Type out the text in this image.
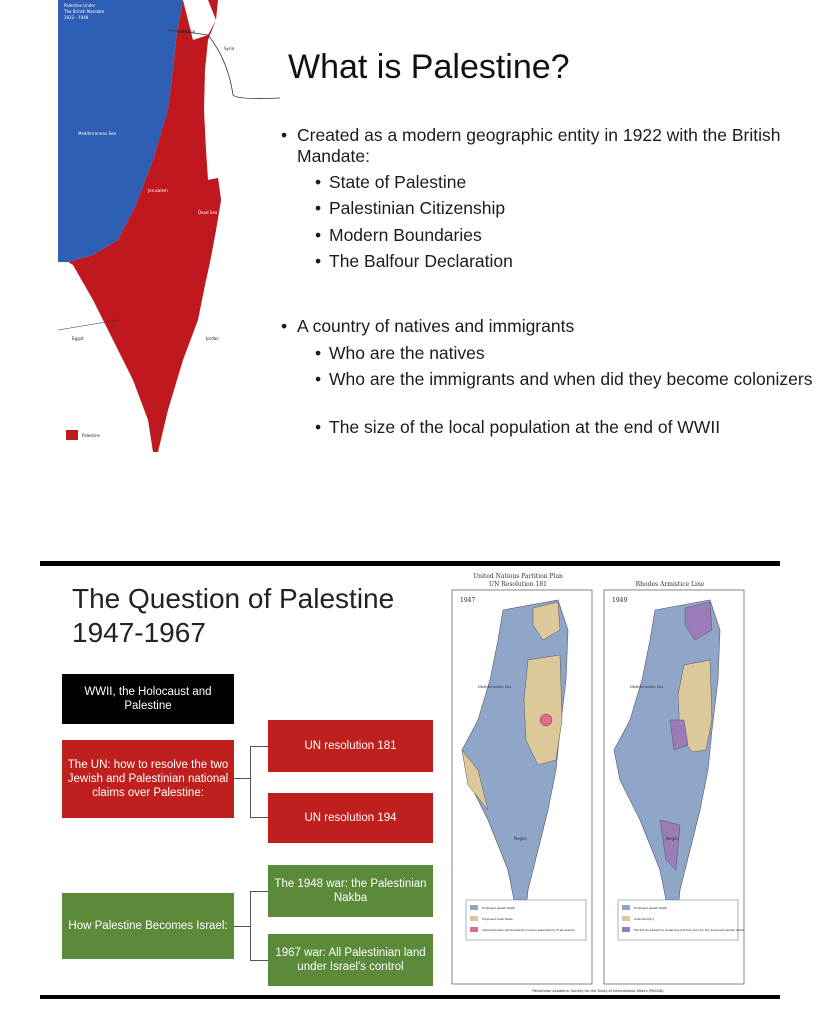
Palestine Under
The British Mandate
1922 - 1948
Lebanon
Syria
Mediterranean Sea
Jerusalem
Dead Sea
Egypt	Jordan
Palestine
What is Palestine?
• Created as a modern geographic entity in 1922 with the British Mandate:
• State of Palestine
• Palestinian Citizenship
• Modern Boundaries
• The Balfour Declaration
• A country of natives and immigrants
• Who are the natives
• Who are the immigrants and when did they become colonizers
• The size of the local population at the end of WWII
The Question of Palestine 1947-1967
WWII, the Holocaust and Palestine
The UN: how to resolve the two Jewish and Palestinian national claims over Palestine:
UN resolution 181
UN resolution 194
How Palestine Becomes Israel:
The 1948 war: the Palestinian Nakba
1967 war: All Palestinian land under Israel's control
United Nations Partition Plan
UN Resolution 181	Rhodes Armistice Line
1947
Mediterranean Sea
Negev
Proposed Jewish State
Proposed Arab State
Internationally administered (corpus separatum) of Jerusalem
1949
Mediterranean Sea
Negev
Proposed Jewish State
Arab territory
Territories seized by Israel beyond the area for the proposed Jewish State
Palestinian Academic Society for the Study of International Affairs (PASSIA)
